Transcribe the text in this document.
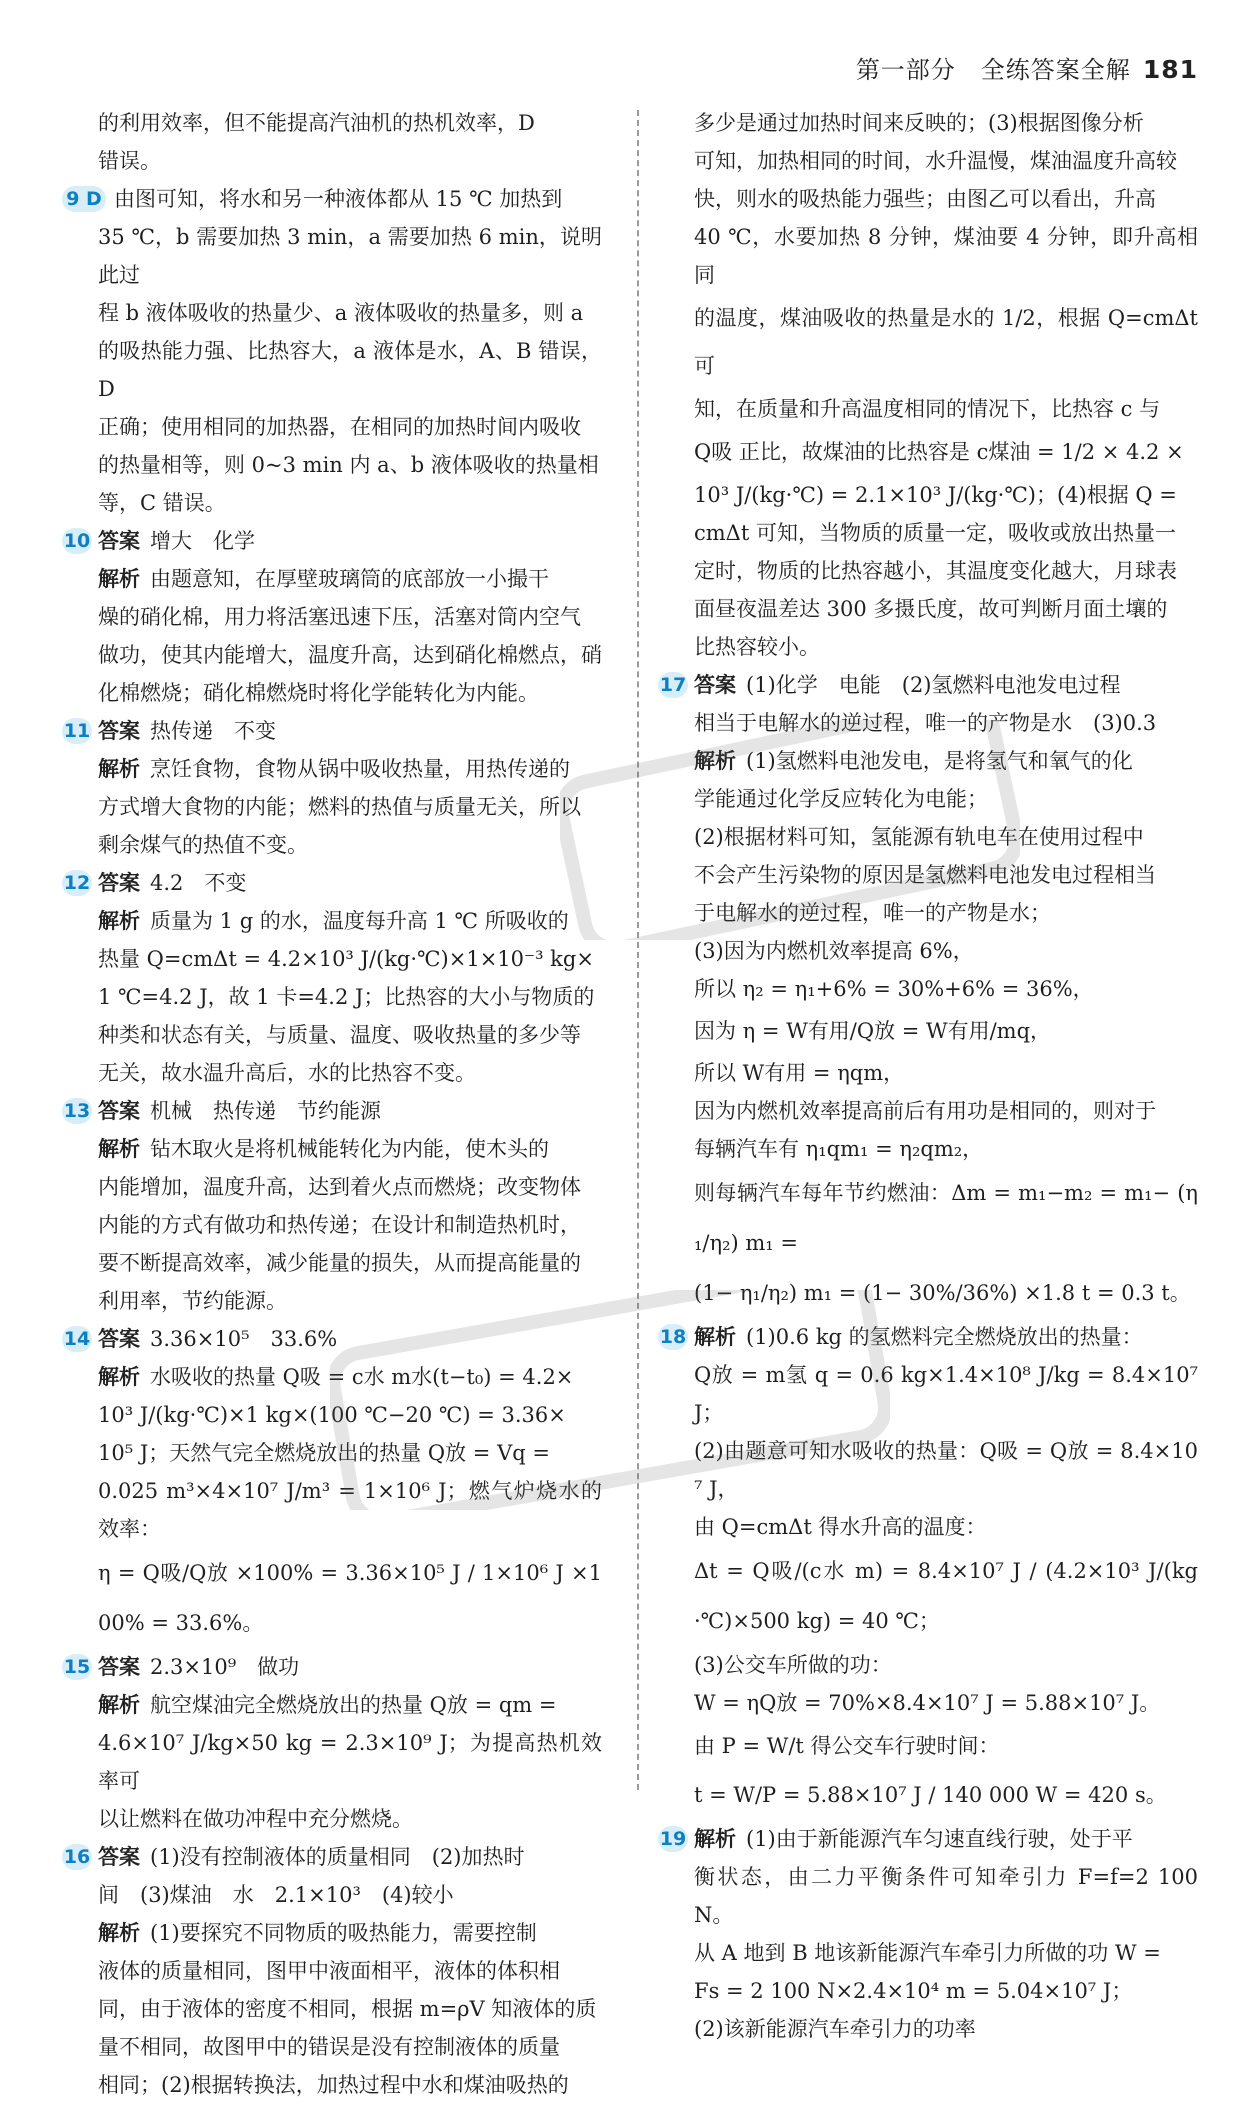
第一部分　全练答案全解 181

的利用效率，但不能提高汽油机的热机效率，D

错误。

9 D 由图可知，将水和另一种液体都从 15 ℃ 加热到

35 ℃，b 需要加热 3 min，a 需要加热 6 min，说明此过

程 b 液体吸收的热量少、a 液体吸收的热量多，则 a

的吸热能力强、比热容大，a 液体是水，A、B 错误，D

正确；使用相同的加热器，在相同的加热时间内吸收

的热量相等，则 0~3 min 内 a、b 液体吸收的热量相

等，C 错误。

10 答案 增大　化学

解析 由题意知，在厚壁玻璃筒的底部放一小撮干

燥的硝化棉，用力将活塞迅速下压，活塞对筒内空气

做功，使其内能增大，温度升高，达到硝化棉燃点，硝

化棉燃烧；硝化棉燃烧时将化学能转化为内能。

11 答案 热传递　不变

解析 烹饪食物，食物从锅中吸收热量，用热传递的

方式增大食物的内能；燃料的热值与质量无关，所以

剩余煤气的热值不变。

12 答案 4.2　不变

解析 质量为 1 g 的水，温度每升高 1 ℃ 所吸收的

热量 Q=cmΔt = 4.2×10³ J/(kg·℃)×1×10⁻³ kg×

1 ℃=4.2 J，故 1 卡=4.2 J；比热容的大小与物质的

种类和状态有关，与质量、温度、吸收热量的多少等

无关，故水温升高后，水的比热容不变。

13 答案 机械　热传递　节约能源

解析 钻木取火是将机械能转化为内能，使木头的

内能增加，温度升高，达到着火点而燃烧；改变物体

内能的方式有做功和热传递；在设计和制造热机时，

要不断提高效率，减少能量的损失，从而提高能量的

利用率，节约能源。

14 答案 3.36×10⁵　33.6%

解析 水吸收的热量 Q吸 = c水 m水(t−t₀) = 4.2×

10³ J/(kg·℃)×1 kg×(100 ℃−20 ℃) = 3.36×

10⁵ J；天然气完全燃烧放出的热量 Q放 = Vq =

0.025 m³×4×10⁷ J/m³ = 1×10⁶ J；燃气炉烧水的效率：

η = Q吸/Q放 ×100% = 3.36×10⁵ J / 1×10⁶ J ×100% = 33.6%。

15 答案 2.3×10⁹　做功

解析 航空煤油完全燃烧放出的热量 Q放 = qm =

4.6×10⁷ J/kg×50 kg = 2.3×10⁹ J；为提高热机效率可

以让燃料在做功冲程中充分燃烧。

16 答案 (1)没有控制液体的质量相同　(2)加热时

间　(3)煤油　水　2.1×10³　(4)较小

解析 (1)要探究不同物质的吸热能力，需要控制

液体的质量相同，图甲中液面相平，液体的体积相

同，由于液体的密度不相同，根据 m=ρV 知液体的质

量不相同，故图甲中的错误是没有控制液体的质量

相同；(2)根据转换法，加热过程中水和煤油吸热的

多少是通过加热时间来反映的；(3)根据图像分析

可知，加热相同的时间，水升温慢，煤油温度升高较

快，则水的吸热能力强些；由图乙可以看出，升高

40 ℃，水要加热 8 分钟，煤油要 4 分钟，即升高相同

的温度，煤油吸收的热量是水的 1/2，根据 Q=cmΔt 可

知，在质量和升高温度相同的情况下，比热容 c 与

Q吸 正比，故煤油的比热容是 c煤油 = 1/2 × 4.2 ×

10³ J/(kg·℃) = 2.1×10³ J/(kg·℃)；(4)根据 Q =

cmΔt 可知，当物质的质量一定，吸收或放出热量一

定时，物质的比热容越小，其温度变化越大，月球表

面昼夜温差达 300 多摄氏度，故可判断月面土壤的

比热容较小。

17 答案 (1)化学　电能　(2)氢燃料电池发电过程

相当于电解水的逆过程，唯一的产物是水　(3)0.3

解析 (1)氢燃料电池发电，是将氢气和氧气的化

学能通过化学反应转化为电能；

(2)根据材料可知，氢能源有轨电车在使用过程中

不会产生污染物的原因是氢燃料电池发电过程相当

于电解水的逆过程，唯一的产物是水；

(3)因为内燃机效率提高 6%，

所以 η₂ = η₁+6% = 30%+6% = 36%，

因为 η = W有用/Q放 = W有用/mq，

所以 W有用 = ηqm，

因为内燃机效率提高前后有用功是相同的，则对于

每辆汽车有 η₁qm₁ = η₂qm₂，

则每辆汽车每年节约燃油：Δm = m₁−m₂ = m₁− (η₁/η₂) m₁ =

(1− η₁/η₂) m₁ = (1− 30%/36%) ×1.8 t = 0.3 t。

18 解析 (1)0.6 kg 的氢燃料完全燃烧放出的热量：

Q放 = m氢 q = 0.6 kg×1.4×10⁸ J/kg = 8.4×10⁷ J；

(2)由题意可知水吸收的热量：Q吸 = Q放 = 8.4×10⁷ J，

由 Q=cmΔt 得水升高的温度：

Δt = Q吸/(c水 m) = 8.4×10⁷ J / (4.2×10³ J/(kg·℃)×500 kg) = 40 ℃；

(3)公交车所做的功：

W = ηQ放 = 70%×8.4×10⁷ J = 5.88×10⁷ J。

由 P = W/t 得公交车行驶时间：

t = W/P = 5.88×10⁷ J / 140 000 W = 420 s。

19 解析 (1)由于新能源汽车匀速直线行驶，处于平

衡状态，由二力平衡条件可知牵引力 F=f=2 100 N。

从 A 地到 B 地该新能源汽车牵引力所做的功 W =

Fs = 2 100 N×2.4×10⁴ m = 5.04×10⁷ J；

(2)该新能源汽车牵引力的功率
